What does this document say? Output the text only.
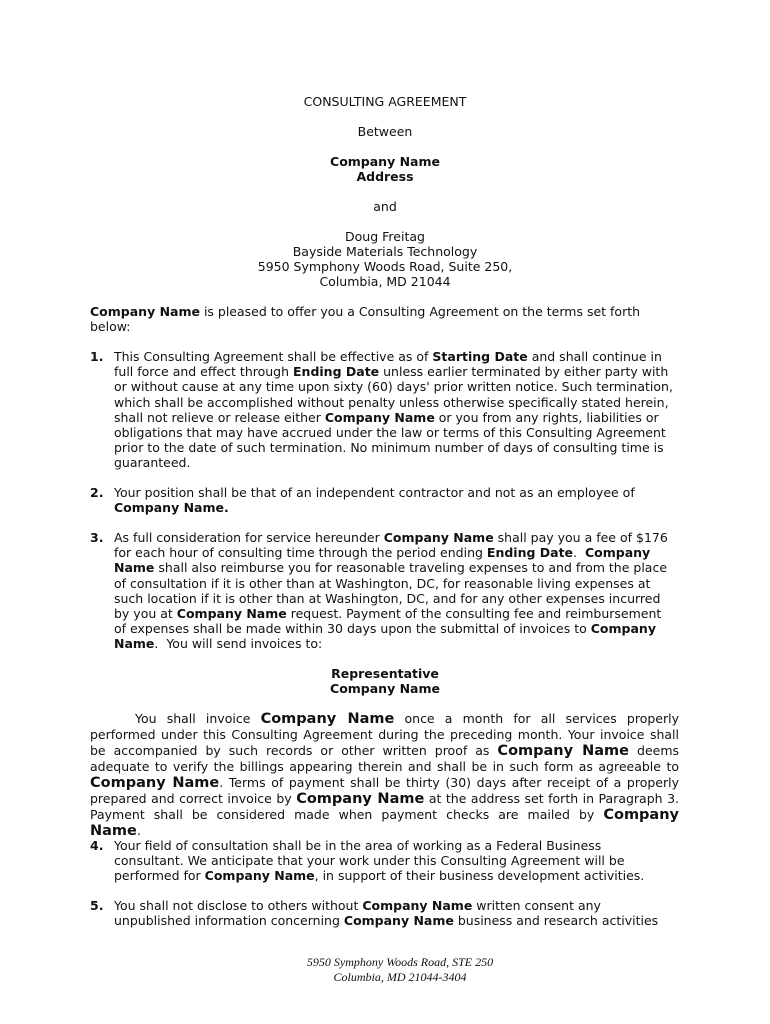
CONSULTING AGREEMENT
Between
Company Name
Address
and
Doug Freitag
Bayside Materials Technology
5950 Symphony Woods Road, Suite 250,
Columbia, MD 21044
Company Name is pleased to offer you a Consulting Agreement on the terms set forth
below:
1. This Consulting Agreement shall be effective as of Starting Date and shall continue in
full force and effect through Ending Date unless earlier terminated by either party with
or without cause at any time upon sixty (60) days' prior written notice. Such termination,
which shall be accomplished without penalty unless otherwise specifically stated herein,
shall not relieve or release either Company Name or you from any rights, liabilities or
obligations that may have accrued under the law or terms of this Consulting Agreement
prior to the date of such termination. No minimum number of days of consulting time is
guaranteed.
2. Your position shall be that of an independent contractor and not as an employee of
Company Name.
3. As full consideration for service hereunder Company Name shall pay you a fee of $176
for each hour of consulting time through the period ending Ending Date.  Company
Name shall also reimburse you for reasonable traveling expenses to and from the place
of consultation if it is other than at Washington, DC, for reasonable living expenses at
such location if it is other than at Washington, DC, and for any other expenses incurred
by you at Company Name request. Payment of the consulting fee and reimbursement
of expenses shall be made within 30 days upon the submittal of invoices to Company
Name.  You will send invoices to:
Representative
Company Name
You shall invoice Company Name once a month for all services properly
performed under this Consulting Agreement during the preceding month. Your invoice shall
be accompanied by such records or other written proof as Company Name deems
adequate to verify the billings appearing therein and shall be in such form as agreeable to
Company Name. Terms of payment shall be thirty (30) days after receipt of a properly
prepared and correct invoice by Company Name at the address set forth in Paragraph 3.
Payment shall be considered made when payment checks are mailed by Company Name.
4. Your field of consultation shall be in the area of working as a Federal Business
consultant. We anticipate that your work under this Consulting Agreement will be
performed for Company Name, in support of their business development activities.
5. You shall not disclose to others without Company Name written consent any
unpublished information concerning Company Name business and research activities
5950 Symphony Woods Road, STE 250
Columbia, MD 21044-3404
